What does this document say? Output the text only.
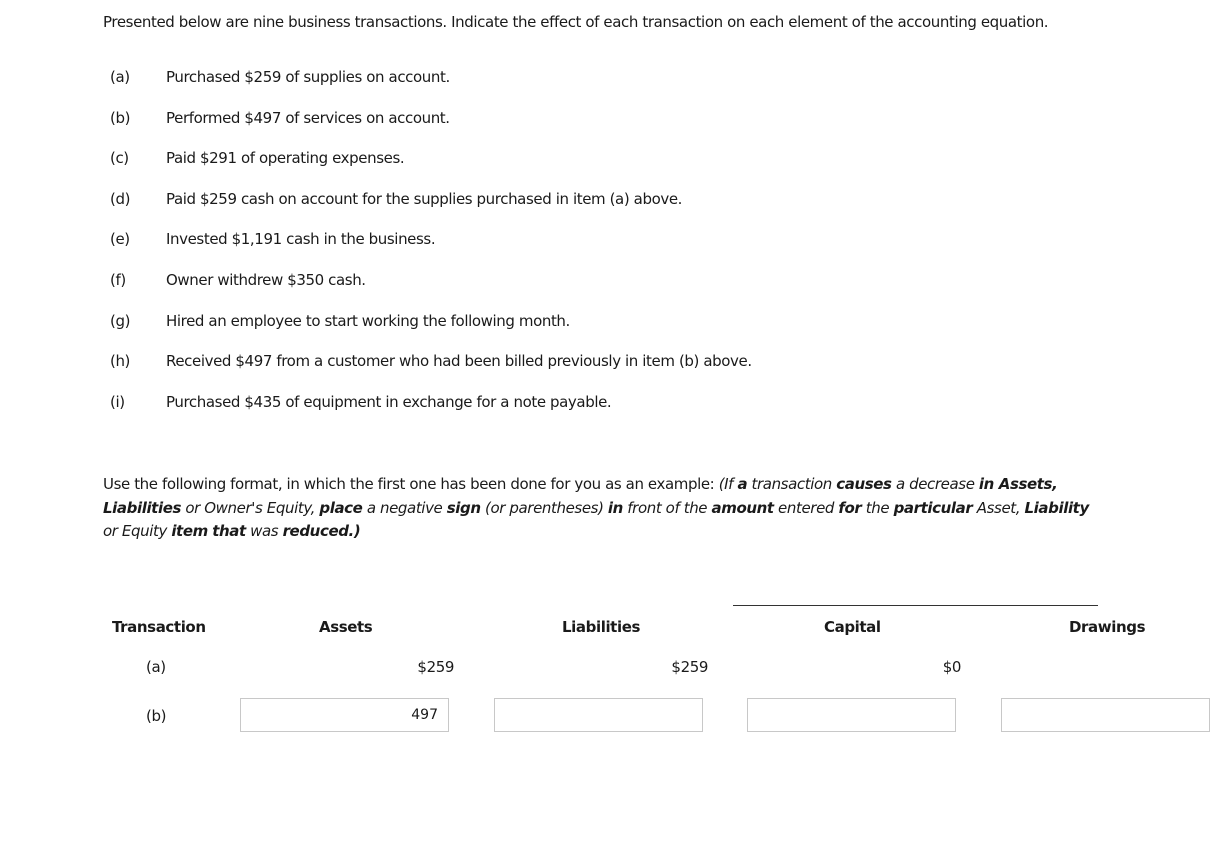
Presented below are nine business transactions. Indicate the effect of each transaction on each element of the accounting equation.
(a)	Purchased $259 of supplies on account.
(b)	Performed $497 of services on account.
(c)	Paid $291 of operating expenses.
(d)	Paid $259 cash on account for the supplies purchased in item (a) above.
(e)	Invested $1,191 cash in the business.
(f)	Owner withdrew $350 cash.
(g)	Hired an employee to start working the following month.
(h)	Received $497 from a customer who had been billed previously in item (b) above.
(i)	Purchased $435 of equipment in exchange for a note payable.
Use the following format, in which the first one has been done for you as an example: (If a transaction causes a decrease in Assets, Liabilities or Owner's Equity, place a negative sign (or parentheses) in front of the amount entered for the particular Asset, Liability or Equity item that was reduced.)
Transaction	Assets	Liabilities	Capital	Drawings
(a)	$259	$259	$0
(b)	497
